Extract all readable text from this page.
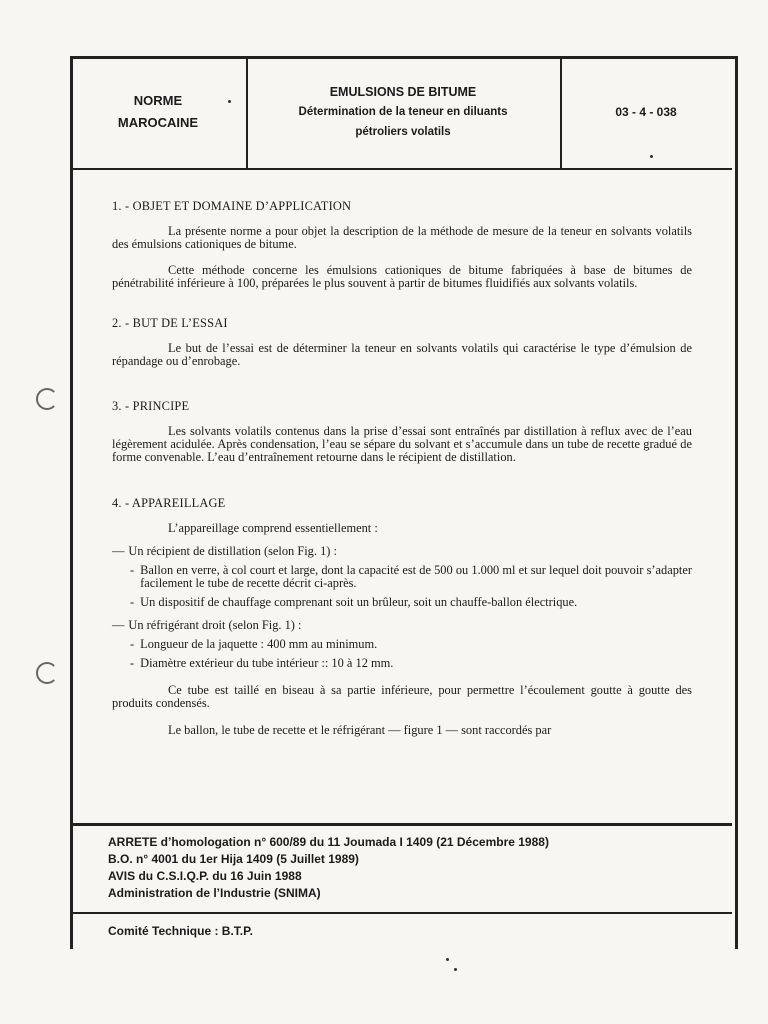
NORME
MAROCAINE
EMULSIONS DE BITUME
Détermination de la teneur en diluants
pétroliers volatils
03 - 4 - 038
1. - OBJET ET DOMAINE D’APPLICATION

La présente norme a pour objet la description de la méthode de mesure de la teneur en solvants volatils des émulsions cationiques de bitume.

Cette méthode concerne les émulsions cationiques de bitume fabriquées à base de bitumes de pénétrabilité inférieure à 100, préparées le plus souvent à partir de bitumes fluidifiés aux solvants volatils.

2. - BUT DE L’ESSAI

Le but de l’essai est de déterminer la teneur en solvants volatils qui caractérise le type d’émulsion de répandage ou d’enrobage.

3. - PRINCIPE

Les solvants volatils contenus dans la prise d’essai sont entraînés par distillation à reflux avec de l’eau légèrement acidulée. Après condensation, l’eau se sépare du solvant et s’accumule dans un tube de recette gradué de forme convenable. L’eau d’entraînement retourne dans le récipient de distillation.

4. - APPAREILLAGE

L’appareillage comprend essentiellement :

— Un récipient de distillation (selon Fig. 1) :
- Ballon en verre, à col court et large, dont la capacité est de 500 ou 1.000 ml et sur lequel doit pouvoir s’adapter facilement le tube de recette décrit ci-après.

- Un dispositif de chauffage comprenant soit un brûleur, soit un chauffe-ballon électrique.

— Un réfrigérant droit (selon Fig. 1) :
- Longueur de la jaquette : 400 mm au minimum.

- Diamètre extérieur du tube intérieur :: 10 à 12 mm.

Ce tube est taillé en biseau à sa partie inférieure, pour permettre l’écoulement goutte à goutte des produits condensés.

Le ballon, le tube de recette et le réfrigérant — figure 1 — sont raccordés par

ARRETE d’homologation n° 600/89 du 11 Joumada I 1409 (21 Décembre 1988)
B.O. n° 4001 du 1er Hija 1409 (5 Juillet 1989)
AVIS du C.S.I.Q.P. du 16 Juin 1988
Administration de l’Industrie (SNIMA)
Comité Technique : B.T.P.
